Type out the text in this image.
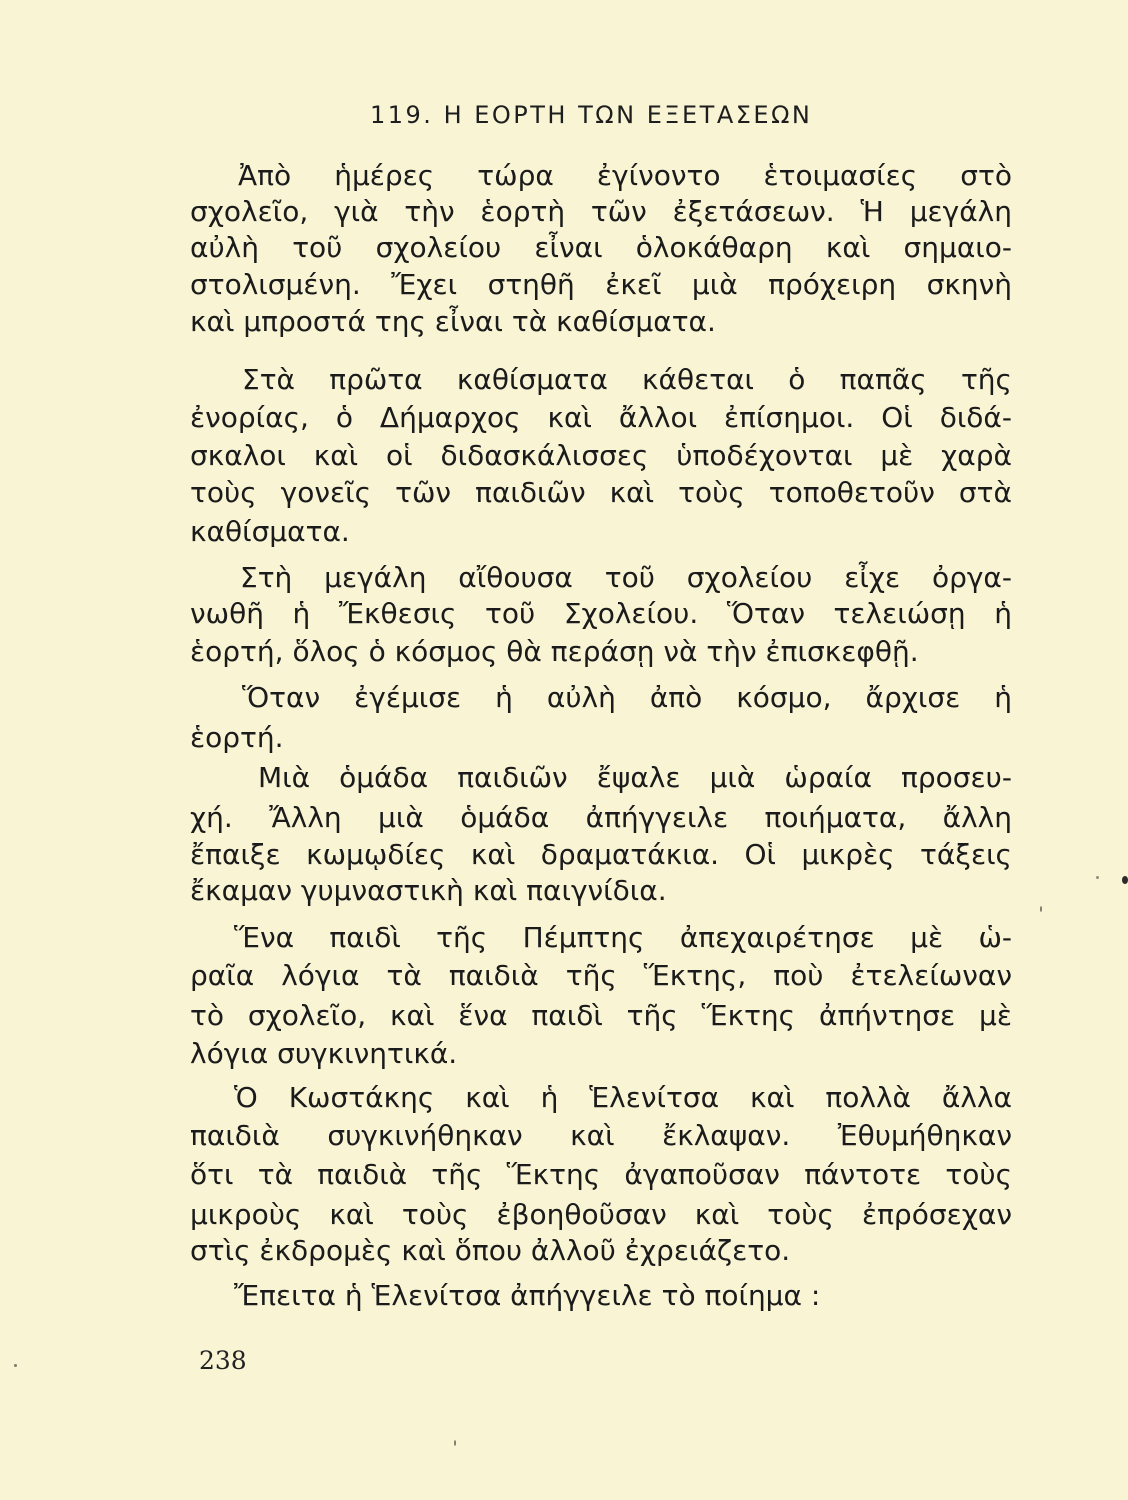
119. Η ΕΟΡΤΗ ΤΩΝ ΕΞΕΤΑΣΕΩΝ
Ἀπὸ ἡμέρες τώρα ἐγίνοντο ἑτοιμασίες στὸ
σχολεῖο, γιὰ τὴν ἑορτὴ τῶν ἐξετάσεων. Ἡ μεγάλη
αὐλὴ τοῦ σχολείου εἶναι ὁλοκάθαρη καὶ σημαιο-
στολισμένη. Ἔχει στηθῆ ἐκεῖ μιὰ πρόχειρη σκηνὴ
καὶ μπροστά της εἶναι τὰ καθίσματα.
Στὰ πρῶτα καθίσματα κάθεται ὁ παπᾶς τῆς
ἐνορίας, ὁ Δήμαρχος καὶ ἄλλοι ἐπίσημοι. Οἱ διδά-
σκαλοι καὶ οἱ διδασκάλισσες ὑποδέχονται μὲ χαρὰ
τοὺς γονεῖς τῶν παιδιῶν καὶ τοὺς τοποθετοῦν στὰ
καθίσματα.
Στὴ μεγάλη αἴθουσα τοῦ σχολείου εἶχε ὀργα-
νωθῆ ἡ Ἔκθεσις τοῦ Σχολείου. Ὅταν τελειώσῃ ἡ
ἑορτή, ὅλος ὁ κόσμος θὰ περάσῃ νὰ τὴν ἐπισκεφθῇ.
Ὅταν ἐγέμισε ἡ αὐλὴ ἀπὸ κόσμο, ἄρχισε ἡ
ἑορτή.
Μιὰ ὁμάδα παιδιῶν ἔψαλε μιὰ ὡραία προσευ-
χή. Ἄλλη μιὰ ὁμάδα ἀπήγγειλε ποιήματα, ἄλλη
ἔπαιξε κωμῳδίες καὶ δραματάκια. Οἱ μικρὲς τάξεις
ἔκαμαν γυμναστικὴ καὶ παιγνίδια.
Ἕνα παιδὶ τῆς Πέμπτης ἀπεχαιρέτησε μὲ ὡ-
ραῖα λόγια τὰ παιδιὰ τῆς Ἕκτης, ποὺ ἐτελείωναν
τὸ σχολεῖο, καὶ ἕνα παιδὶ τῆς Ἕκτης ἀπήντησε μὲ
λόγια συγκινητικά.
Ὁ Κωστάκης καὶ ἡ Ἑλενίτσα καὶ πολλὰ ἄλλα
παιδιὰ συγκινήθηκαν καὶ ἔκλαψαν. Ἐθυμήθηκαν
ὅτι τὰ παιδιὰ τῆς Ἕκτης ἀγαποῦσαν πάντοτε τοὺς
μικροὺς καὶ τοὺς ἐβοηθοῦσαν καὶ τοὺς ἐπρόσεχαν
στὶς ἐκδρομὲς καὶ ὅπου ἀλλοῦ ἐχρειάζετο.
Ἔπειτα ἡ Ἑλενίτσα ἀπήγγειλε τὸ ποίημα :
238
